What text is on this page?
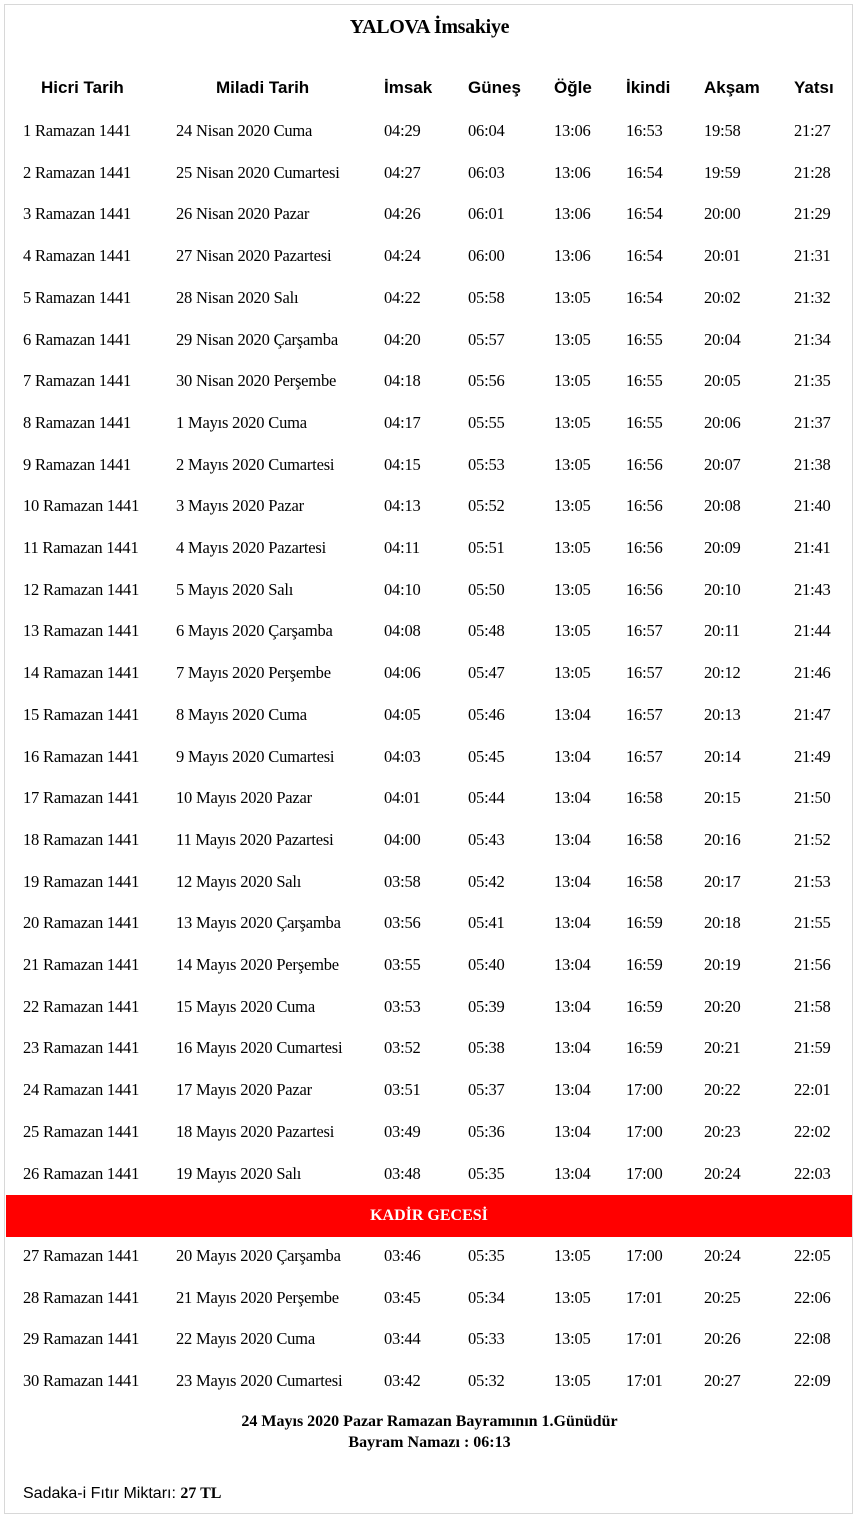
YALOVA İmsakiye
Hicri Tarih	Miladi Tarih	İmsak Güneş Öğle İkindi Akşam Yatsı
1 Ramazan 1441	24 Nisan 2020 Cuma	04:29	06:04	13:06 16:53	19:58	21:27
2 Ramazan 1441	25 Nisan 2020 Cumartesi	04:27	06:03	13:06 16:54	19:59	21:28
3 Ramazan 1441	26 Nisan 2020 Pazar	04:26	06:01	13:06 16:54	20:00	21:29
4 Ramazan 1441	27 Nisan 2020 Pazartesi	04:24	06:00	13:06 16:54	20:01	21:31
5 Ramazan 1441	28 Nisan 2020 Salı	04:22	05:58	13:05 16:54	20:02	21:32
6 Ramazan 1441	29 Nisan 2020 Çarşamba	04:20	05:57	13:05 16:55	20:04	21:34
7 Ramazan 1441	30 Nisan 2020 Perşembe	04:18	05:56	13:05 16:55	20:05	21:35
8 Ramazan 1441	1 Mayıs 2020 Cuma	04:17	05:55	13:05 16:55	20:06	21:37
9 Ramazan 1441	2 Mayıs 2020 Cumartesi	04:15	05:53	13:05 16:56	20:07	21:38
10 Ramazan 1441 3 Mayıs 2020 Pazar	04:13	05:52	13:05 16:56	20:08	21:40
11 Ramazan 1441 4 Mayıs 2020 Pazartesi	04:11	05:51	13:05 16:56	20:09	21:41
12 Ramazan 1441 5 Mayıs 2020 Salı	04:10	05:50	13:05 16:56	20:10	21:43
13 Ramazan 1441 6 Mayıs 2020 Çarşamba	04:08	05:48	13:05 16:57	20:11	21:44
14 Ramazan 1441 7 Mayıs 2020 Perşembe	04:06	05:47	13:05 16:57	20:12	21:46
15 Ramazan 1441 8 Mayıs 2020 Cuma	04:05	05:46	13:04 16:57	20:13	21:47
16 Ramazan 1441 9 Mayıs 2020 Cumartesi	04:03	05:45	13:04 16:57	20:14	21:49
17 Ramazan 1441 10 Mayıs 2020 Pazar	04:01	05:44	13:04 16:58	20:15	21:50
18 Ramazan 1441 11 Mayıs 2020 Pazartesi	04:00	05:43	13:04 16:58	20:16	21:52
19 Ramazan 1441 12 Mayıs 2020 Salı	03:58	05:42	13:04 16:58	20:17	21:53
20 Ramazan 1441 13 Mayıs 2020 Çarşamba	03:56	05:41	13:04 16:59	20:18	21:55
21 Ramazan 1441 14 Mayıs 2020 Perşembe	03:55	05:40	13:04 16:59	20:19	21:56
22 Ramazan 1441 15 Mayıs 2020 Cuma	03:53	05:39	13:04 16:59	20:20	21:58
23 Ramazan 1441 16 Mayıs 2020 Cumartesi	03:52	05:38	13:04 16:59	20:21	21:59
24 Ramazan 1441 17 Mayıs 2020 Pazar	03:51	05:37	13:04 17:00	20:22	22:01
25 Ramazan 1441 18 Mayıs 2020 Pazartesi	03:49	05:36	13:04 17:00	20:23	22:02
26 Ramazan 1441 19 Mayıs 2020 Salı	03:48	05:35	13:04 17:00	20:24	22:03
27 Ramazan 1441 20 Mayıs 2020 Çarşamba	03:46	05:35	13:05 17:00	20:24	22:05
28 Ramazan 1441 21 Mayıs 2020 Perşembe	03:45	05:34	13:05 17:01	20:25	22:06
29 Ramazan 1441 22 Mayıs 2020 Cuma	03:44	05:33	13:05 17:01	20:26	22:08
30 Ramazan 1441 23 Mayıs 2020 Cumartesi	03:42	05:32	13:05 17:01	20:27	22:09
KADİR GECESİ
24 Mayıs 2020 Pazar Ramazan Bayramının 1.Günüdür
Bayram Namazı : 06:13
Sadaka-i Fıtır Miktarı: 27 TL
